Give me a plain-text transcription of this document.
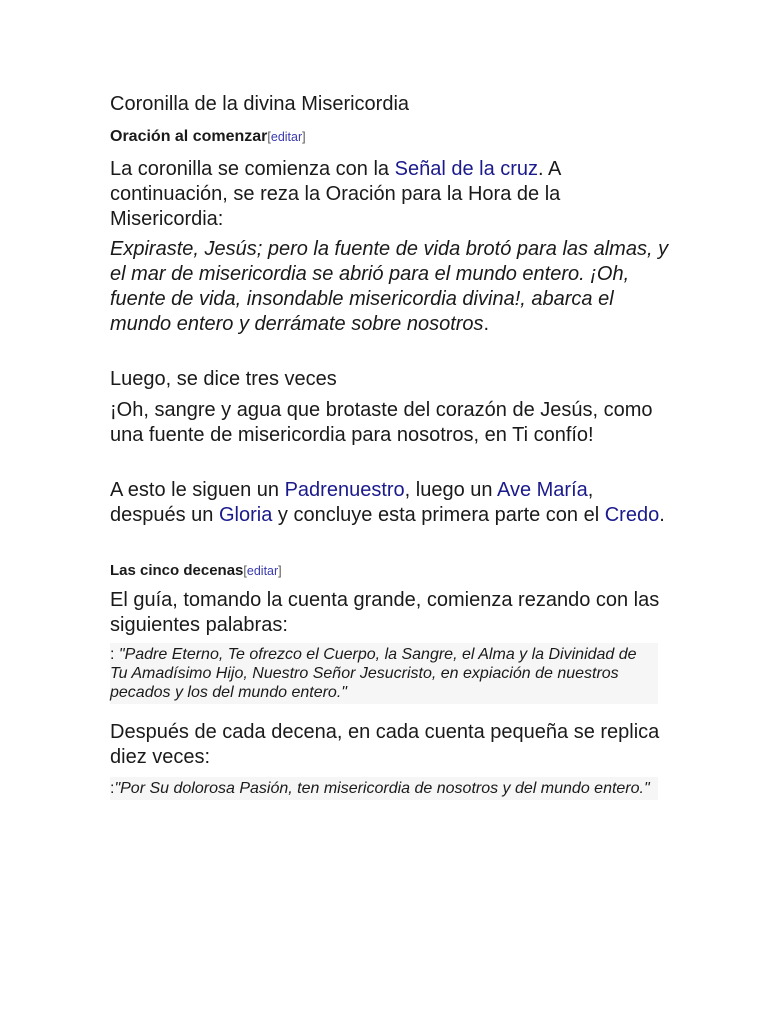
Coronilla de la divina Misericordia
Oración al comenzar[editar]
La coronilla se comienza con la Señal de la cruz. A continuación, se reza la Oración para la Hora de la Misericordia:
Expiraste, Jesús; pero la fuente de vida brotó para las almas, y el mar de misericordia se abrió para el mundo entero. ¡Oh, fuente de vida, insondable misericordia divina!, abarca el mundo entero y derrámate sobre nosotros.
Luego, se dice tres veces
¡Oh, sangre y agua que brotaste del corazón de Jesús, como una fuente de misericordia para nosotros, en Ti confío!
A esto le siguen un Padrenuestro, luego un Ave María, después un Gloria y concluye esta primera parte con el Credo.
Las cinco decenas[editar]
El guía, tomando la cuenta grande, comienza rezando con las siguientes palabras:
: "Padre Eterno, Te ofrezco el Cuerpo, la Sangre, el Alma y la Divinidad de Tu Amadísimo Hijo, Nuestro Señor Jesucristo, en expiación de nuestros pecados y los del mundo entero."
Después de cada decena, en cada cuenta pequeña se replica diez veces:
:"Por Su dolorosa Pasión, ten misericordia de nosotros y del mundo entero."
